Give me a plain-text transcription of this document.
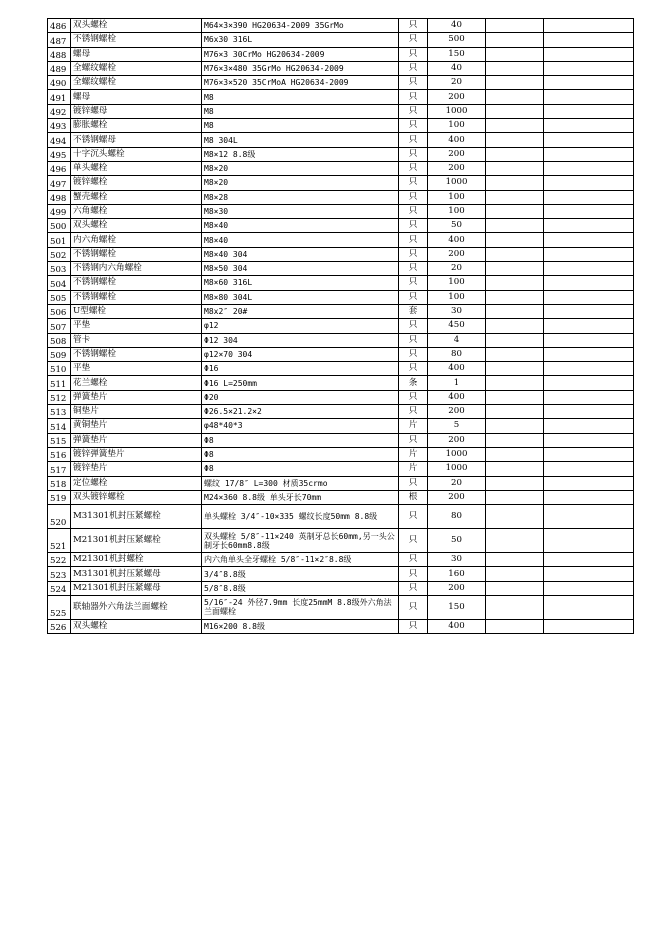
486	双头螺栓	M64×3×390 HG20634-2009 35GrMo	只	40		
487	不锈钢螺栓	M6x30 316L	只	500		
488	螺母	M76×3 30CrMo HG20634-2009	只	150		
489	全螺纹螺栓	M76×3×480 35GrMo HG20634-2009	只	40		
490	全螺纹螺栓	M76×3×520 35CrMoA HG20634-2009	只	20		
491	螺母	M8	只	200		
492	镀锌螺母	M8	只	1000		
493	膨胀螺栓	M8	只	100		
494	不锈钢螺母	M8 304L	只	400		
495	十字沉头螺栓	M8×12 8.8级	只	200		
496	单头螺栓	M8×20	只	200		
497	镀锌螺栓	M8×20	只	1000		
498	蟹壳螺栓	M8×28	只	100		
499	六角螺栓	M8×30	只	100		
500	双头螺栓	M8×40	只	50		
501	内六角螺栓	M8×40	只	400		
502	不锈钢螺栓	M8×40 304	只	200		
503	不锈钢内六角螺栓	M8×50 304	只	20		
504	不锈钢螺栓	M8×60 316L	只	100		
505	不锈钢螺栓	M8×80 304L	只	100		
506	U型螺栓	M8x2″ 20#	套	30		
507	平垫	φ12	只	450		
508	管卡	Φ12 304	只	4		
509	不锈钢螺栓	φ12×70 304	只	80		
510	平垫	Φ16	只	400		
511	花兰螺栓	Φ16 L=250mm	条	1		
512	弹簧垫片	Φ20	只	400		
513	铜垫片	Φ26.5×21.2×2	只	200		
514	黄铜垫片	φ48*40*3	片	5		
515	弹簧垫片	Φ8	只	200		
516	镀锌弹簧垫片	Φ8	片	1000		
517	镀锌垫片	Φ8	片	1000		
518	定位螺栓	螺纹 17/8″ L=300 材质35crmo	只	20		
519	双头镀锌螺栓	M24×360 8.8级 单头牙长70mm	根	200		
520	M31301机封压紧螺栓	单头螺栓 3/4″-10×335 螺纹长度50mm 8.8级	只	80		
521	M21301机封压紧螺栓	双头螺栓 5/8″-11×240 英制牙总长60mm,另一头公制牙长60mm8.8级	只	50		
522	M21301机封螺栓	内六角单头全牙螺栓 5/8″-11×2″8.8级	只	30		
523	M31301机封压紧螺母	3/4″8.8级	只	160		
524	M21301机封压紧螺母	5/8″8.8级	只	200		
525	联轴器外六角法兰面螺栓	5/16″-24 外径7.9mm 长度25mmM 8.8级外六角法兰面螺栓	只	150		
526	双头螺栓	M16×200 8.8级	只	400		
